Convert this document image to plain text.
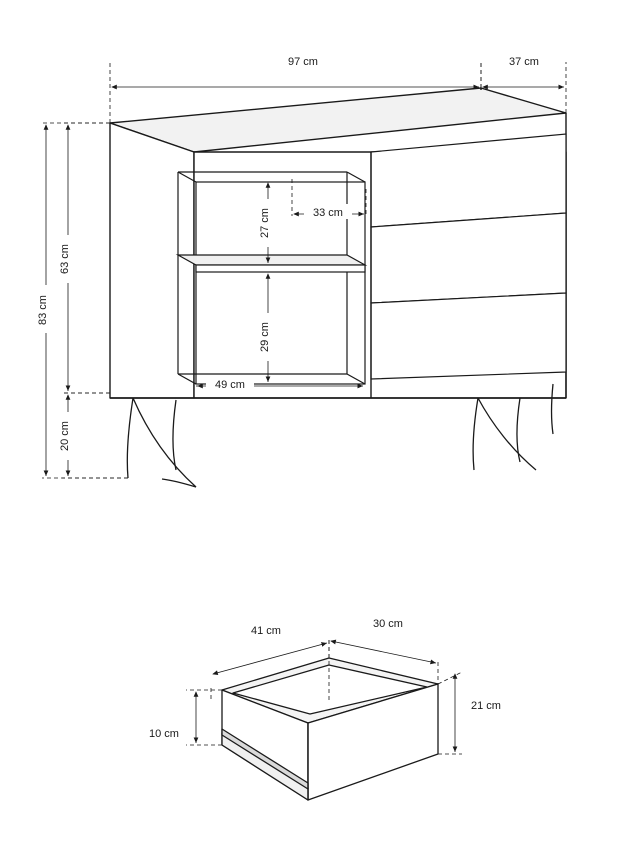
97 cm	37 cm
83 cm
63 cm
20 cm
27 cm	33 cm
29 cm
49 cm
41 cm
30 cm
21 cm
10 cm
